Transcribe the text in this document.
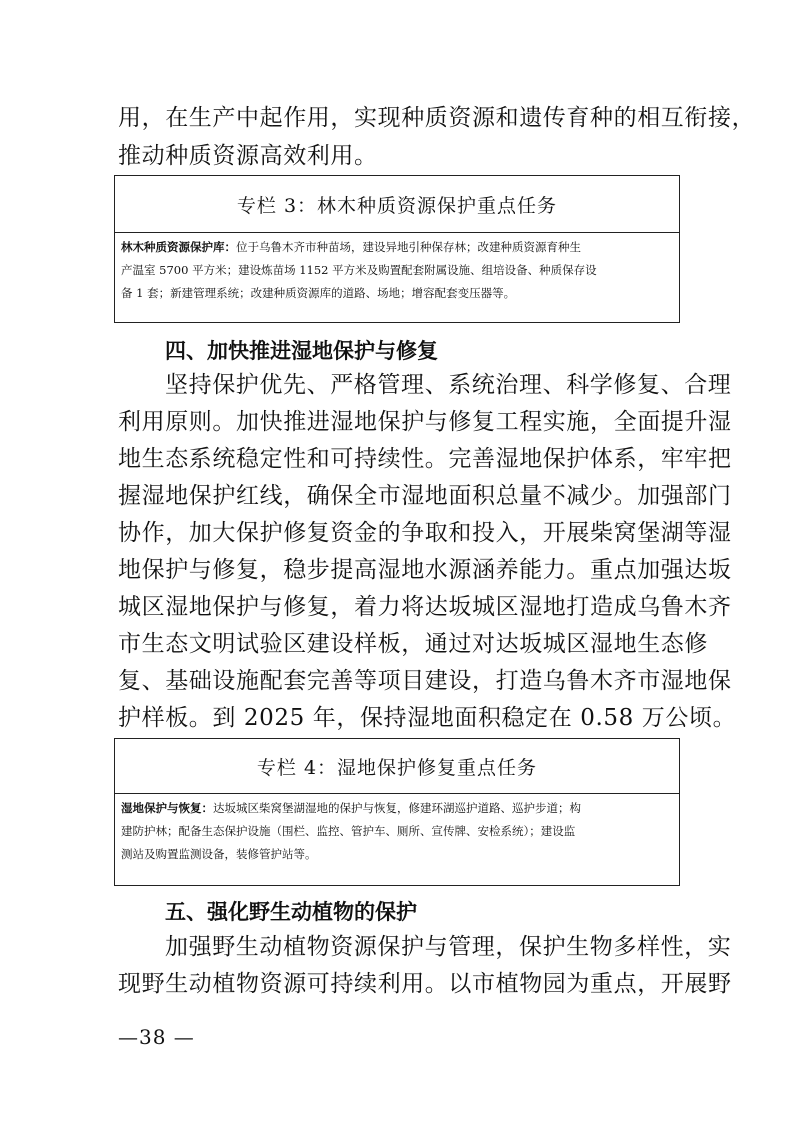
用，在生产中起作用，实现种质资源和遗传育种的相互衔接，
推动种质资源高效利用。
专栏 3：林木种质资源保护重点任务
林木种质资源保护库：位于乌鲁木齐市种苗场，建设异地引种保存林；改建种质资源育种生
产温室 5700 平方米；建设炼苗场 1152 平方米及购置配套附属设施、组培设备、种质保存设
备 1 套；新建管理系统；改建种质资源库的道路、场地；增容配套变压器等。
四、加快推进湿地保护与修复
坚持保护优先、严格管理、系统治理、科学修复、合理
利用原则。加快推进湿地保护与修复工程实施，全面提升湿
地生态系统稳定性和可持续性。完善湿地保护体系，牢牢把
握湿地保护红线，确保全市湿地面积总量不减少。加强部门
协作，加大保护修复资金的争取和投入，开展柴窝堡湖等湿
地保护与修复，稳步提高湿地水源涵养能力。重点加强达坂
城区湿地保护与修复，着力将达坂城区湿地打造成乌鲁木齐
市生态文明试验区建设样板，通过对达坂城区湿地生态修
复、基础设施配套完善等项目建设，打造乌鲁木齐市湿地保
护样板。到 2025 年，保持湿地面积稳定在 0.58 万公顷。
专栏 4：湿地保护修复重点任务
湿地保护与恢复：达坂城区柴窝堡湖湿地的保护与恢复，修建环湖巡护道路、巡护步道；构
建防护林；配备生态保护设施（围栏、监控、管护车、厕所、宣传牌、安检系统）；建设监
测站及购置监测设备，装修管护站等。
五、强化野生动植物的保护
加强野生动植物资源保护与管理，保护生物多样性，实
现野生动植物资源可持续利用。以市植物园为重点，开展野
—38 —
